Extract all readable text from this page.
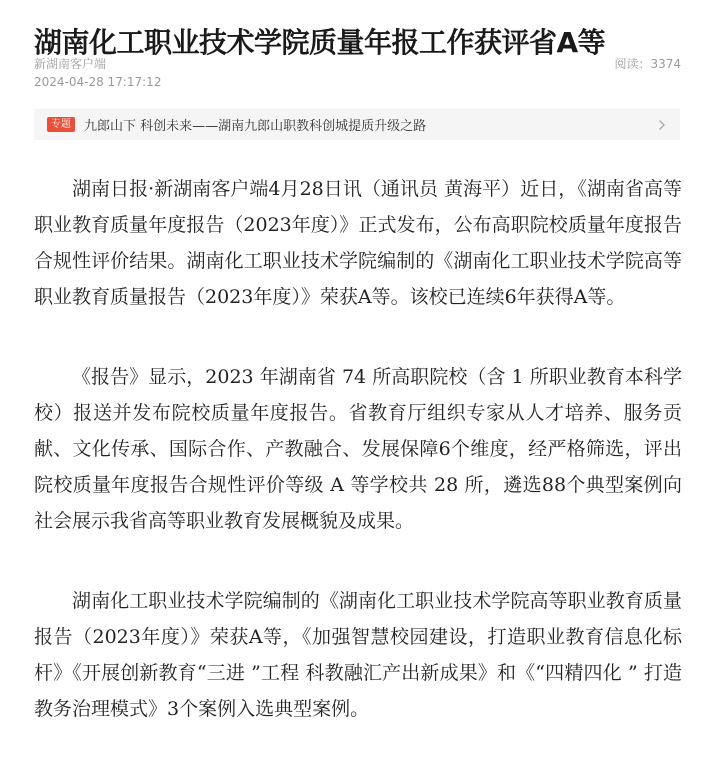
湖南化工职业技术学院质量年报工作获评省A等
新湖南客户端
2024-04-28 17:17:12
阅读：3374
专题	九郎山下 科创未来——湖南九郎山职教科创城提质升级之路

湖南日报·新湖南客户端4月28日讯（通讯员 黄海平）近日，《湖南省高等职业教育质量年度报告（2023年度）》正式发布，公布高职院校质量年度报告合规性评价结果。湖南化工职业技术学院编制的《湖南化工职业技术学院高等职业教育质量报告（2023年度）》荣获A等。该校已连续6年获得A等。

《报告》显示，2023 年湖南省 74 所高职院校（含 1 所职业教育本科学校）报送并发布院校质量年度报告。省教育厅组织专家从人才培养、服务贡献、文化传承、国际合作、产教融合、发展保障6个维度，经严格筛选，评出院校质量年度报告合规性评价等级 A 等学校共 28 所，遴选88个典型案例向社会展示我省高等职业教育发展概貌及成果。

湖南化工职业技术学院编制的《湖南化工职业技术学院高等职业教育质量报告（2023年度）》荣获A等，《加强智慧校园建设，打造职业教育信息化标杆》《开展创新教育“三进 ”工程 科教融汇产出新成果》和《“四精四化 ” 打造教务治理模式》3个案例入选典型案例。
